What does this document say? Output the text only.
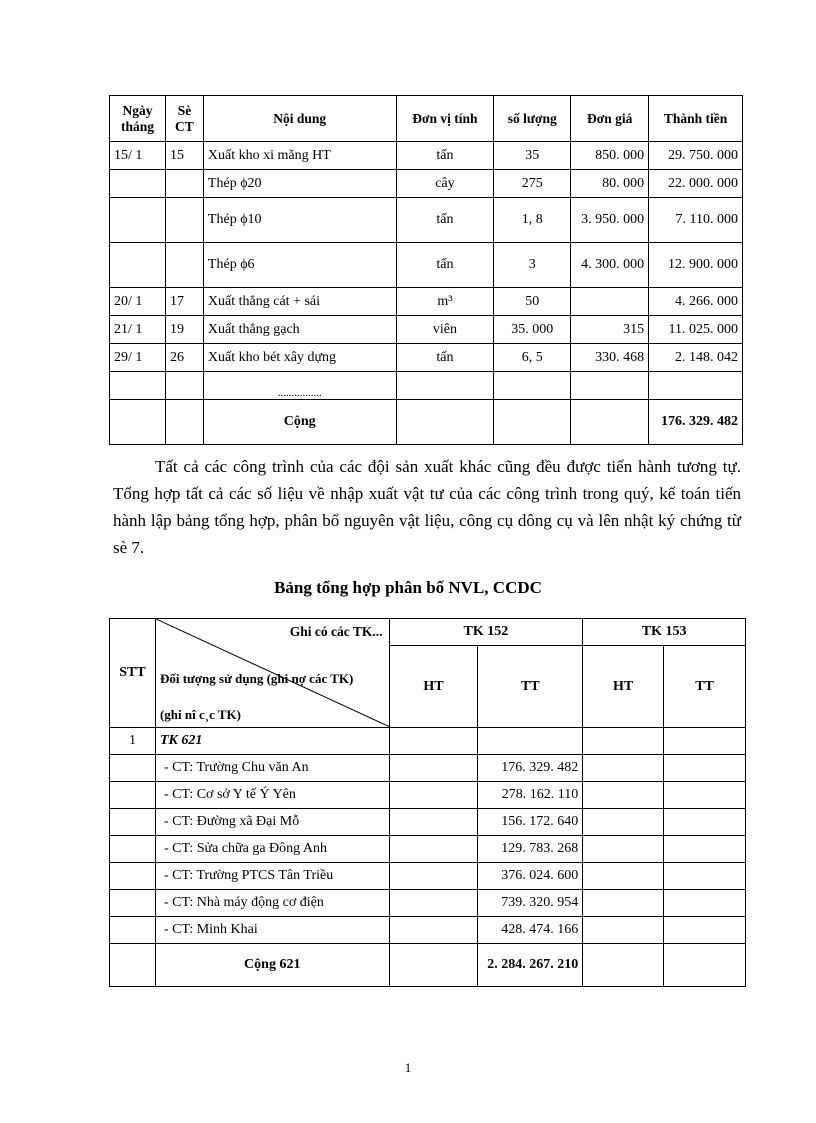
Ngày tháng	Sè CT	Nội dung	Đơn vị tính	số lượng	Đơn giá	Thành tiền
15/ 1	15	Xuất kho xi măng HT	tấn	35	850. 000	29. 750. 000
		Thép ϕ20	cây	275	80. 000	22. 000. 000
		Thép ϕ10	tấn	1, 8	3. 950. 000	7. 110. 000
		Thép ϕ6	tấn	3	4. 300. 000	12. 900. 000
20/ 1	17	Xuất thẳng cát + sái	m³	50		4. 266. 000
21/ 1	19	Xuất thẳng gạch	viên	35. 000	315	11. 025. 000
29/ 1	26	Xuất kho bét xây dựng	tấn	6, 5	330. 468	2. 148. 042
		................				
		Cộng				176. 329. 482

Tất cả các công trình của các đội sản xuất khác cũng đều được tiến hành tương tự. Tổng hợp tất cả các số liệu về nhập xuất vật tư của các công trình trong quý, kế toán tiến hành lập bảng tổng hợp, phân bổ nguyên vật liệu, công cụ dông cụ và lên nhật ký chứng từ sè 7.

Bảng tổng hợp phân bổ NVL, CCDC

STT	Ghi có các TK...
Đối tượng sử dụng (ghi nợ các TK)
(ghi nî c¸c TK)	TK 152		TK 153	
		HT	TT	HT	TT
1	TK 621				
	- CT: Trường Chu văn An		176. 329. 482		
	- CT: Cơ sở Y tế Ý Yên		278. 162. 110		
	- CT: Đường xã Đại Mỗ		156. 172. 640		
	- CT: Sửa chữa ga Đông Anh		129. 783. 268		
	- CT: Trường PTCS Tân Triều		376. 024. 600		
	- CT: Nhà máy động cơ điện		739. 320. 954		
	- CT: Minh Khai		428. 474. 166		
	Cộng 621		2. 284. 267. 210		
1
